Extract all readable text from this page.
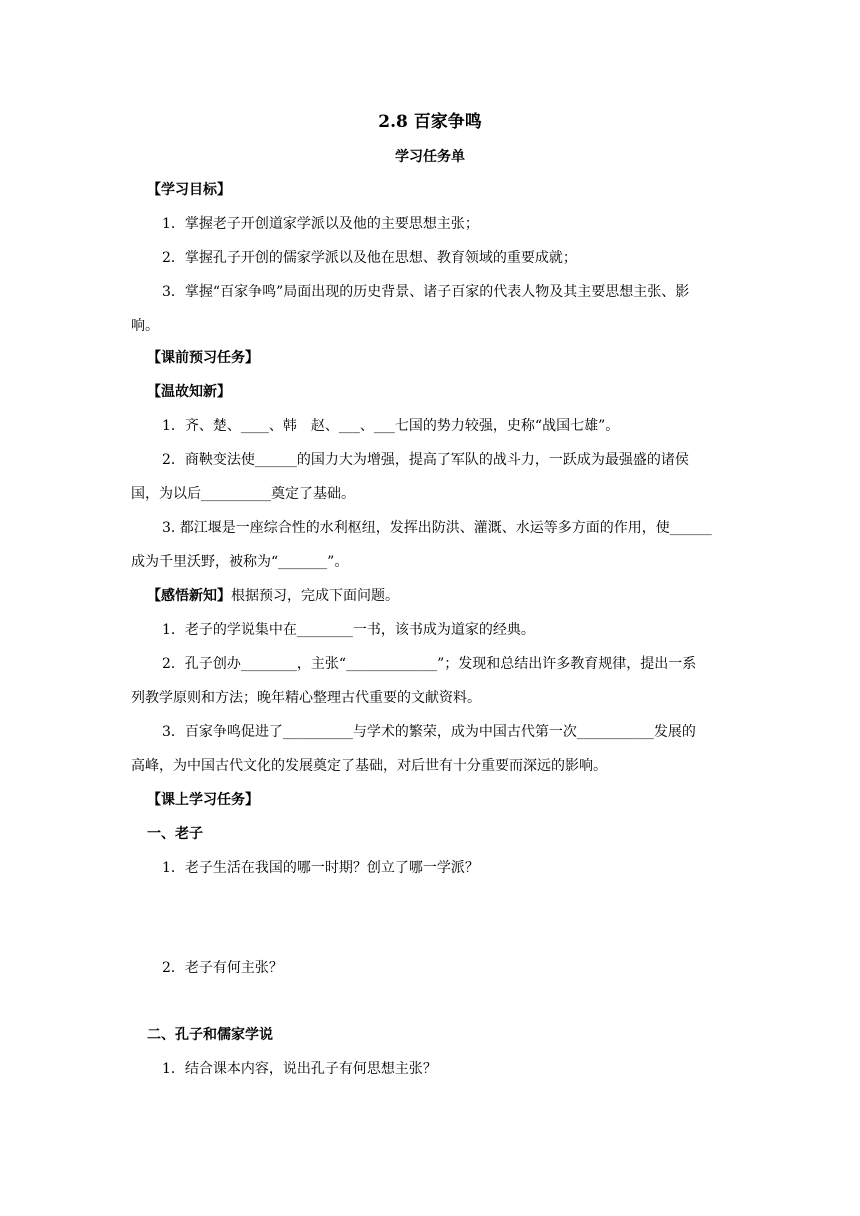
2.8 百家争鸣
学习任务单
【学习目标】
1．掌握老子开创道家学派以及他的主要思想主张；
2．掌握孔子开创的儒家学派以及他在思想、教育领域的重要成就；
3．掌握“百家争鸣”局面出现的历史背景、诸子百家的代表人物及其主要思想主张、影
响。
【课前预习任务】
【温故知新】
1．齐、楚、____、韩　赵、___、___七国的势力较强，史称“战国七雄”。
2．商鞅变法使______的国力大为增强，提高了军队的战斗力，一跃成为最强盛的诸侯
国，为以后__________奠定了基础。
3. 都江堰是一座综合性的水利枢纽，发挥出防洪、灌溉、水运等多方面的作用，使______
成为千里沃野，被称为“_______”。
【感悟新知】根据预习，完成下面问题。
1．老子的学说集中在________一书，该书成为道家的经典。
2．孔子创办________，主张“_____________”；发现和总结出许多教育规律，提出一系
列教学原则和方法；晚年精心整理古代重要的文献资料。
3．百家争鸣促进了__________与学术的繁荣，成为中国古代第一次___________发展的
高峰，为中国古代文化的发展奠定了基础，对后世有十分重要而深远的影响。
【课上学习任务】
一、老子
1．老子生活在我国的哪一时期？创立了哪一学派？
2．老子有何主张？
二、孔子和儒家学说
1．结合课本内容，说出孔子有何思想主张？
